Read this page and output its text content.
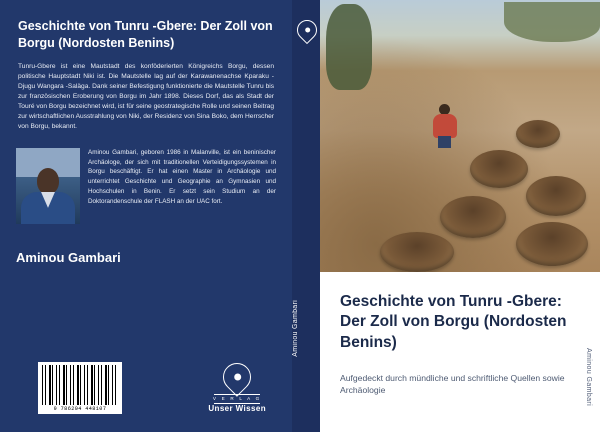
Geschichte von Tunru -Gbere: Der Zoll von Borgu (Nordosten Benins)
Tunru-Gbere ist eine Mautstadt des konföderierten Königreichs Borgu, dessen politische Hauptstadt Niki ist. Die Mautstelle lag auf der Karawanenachse Kparaku -Djugu Wangara -Saläga. Dank seiner Befestigung funktionierte die Mautstelle Tunru bis zur französischen Eroberung von Borgu im Jahr 1898. Dieses Dorf, das als Stadt der Touré von Borgu bezeichnet wird, ist für seine geostrategische Rolle und seinen Beitrag zur wirtschaftlichen Ausstrahlung von Niki, der Residenz von Sina Boko, dem Herrscher von Borgu, bekannt.
Aminou Gambari, geboren 1986 in Malanville, ist ein beninischer Archäologe, der sich mit traditionellen Verteidigungssystemen in Borgu beschäftigt. Er hat einen Master in Archäologie und unterrichtet Geschichte und Geographie an Gymnasien und Hochschulen in Benin. Er setzt sein Studium an der Doktorandenschule der FLASH an der UAC fort.
Aminou Gambari
9 786204 448107
V E R L A G
Unser Wissen
Aminou Gambari	Geschichte von Tunru -Gbere: Der Zoll von Borgu (Nordosten Benins)
Aufgedeckt durch mündliche und schriftliche Quellen sowie Archäologie	Aminou Gambari
